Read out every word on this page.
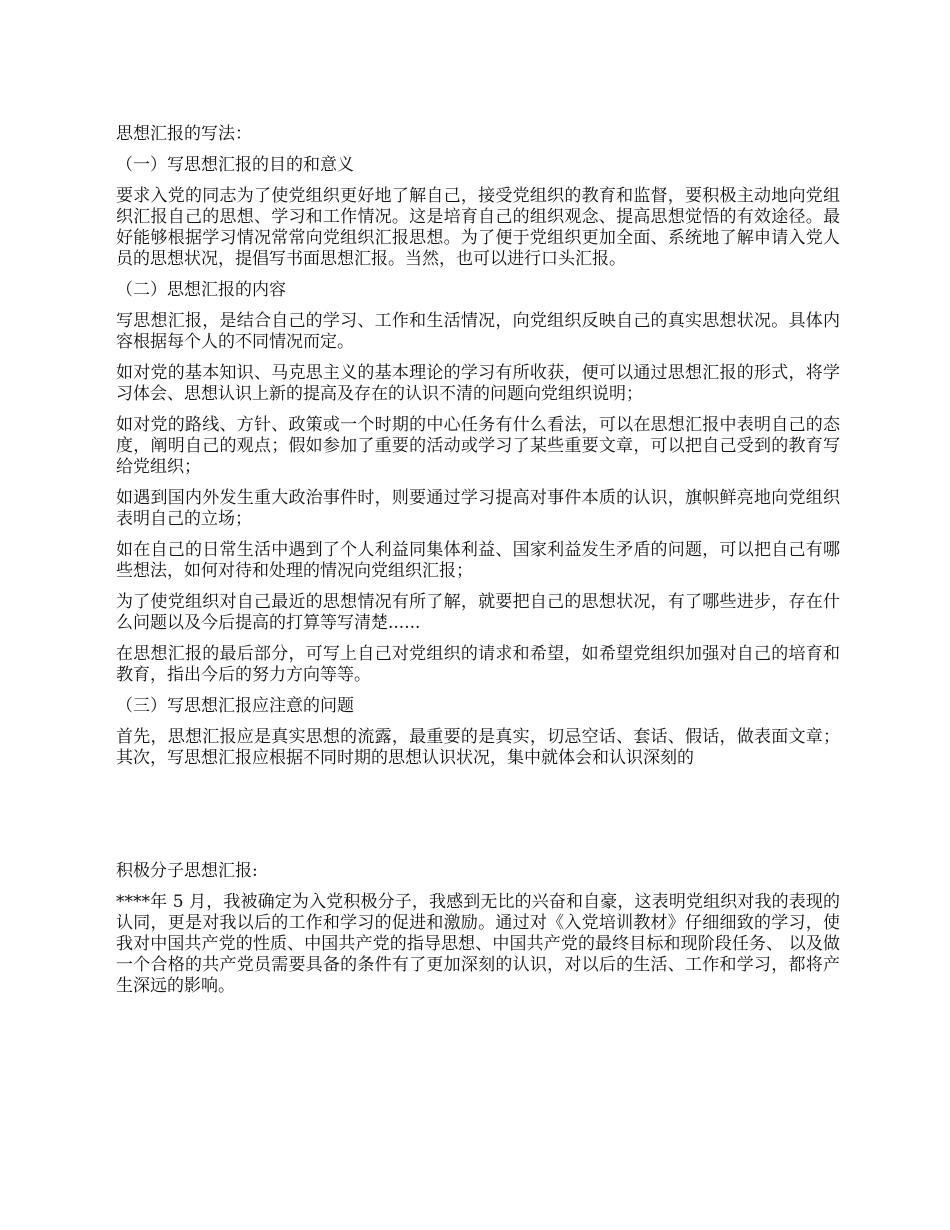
思想汇报的写法：
（一）写思想汇报的目的和意义

要求入党的同志为了使党组织更好地了解自己，接受党组织的教育和监督，要积极主动地向党组织汇报自己的思想、学习和工作情况。这是培育自己的组织观念、提高思想觉悟的有效途径。最好能够根据学习情况常常向党组织汇报思想。为了便于党组织更加全面、系统地了解申请入党人员的思想状况，提倡写书面思想汇报。当然，也可以进行口头汇报。

（二）思想汇报的内容

写思想汇报，是结合自己的学习、工作和生活情况，向党组织反映自己的真实思想状况。具体内容根据每个人的不同情况而定。

如对党的基本知识、马克思主义的基本理论的学习有所收获，便可以通过思想汇报的形式，将学习体会、思想认识上新的提高及存在的认识不清的问题向党组织说明；

如对党的路线、方针、政策或一个时期的中心任务有什么看法，可以在思想汇报中表明自己的态度，阐明自己的观点；假如参加了重要的活动或学习了某些重要文章，可以把自己受到的教育写给党组织；

如遇到国内外发生重大政治事件时，则要通过学习提高对事件本质的认识，旗帜鲜亮地向党组织表明自己的立场；

如在自己的日常生活中遇到了个人利益同集体利益、国家利益发生矛盾的问题，可以把自己有哪些想法，如何对待和处理的情况向党组织汇报；

为了使党组织对自己最近的思想情况有所了解，就要把自己的思想状况，有了哪些进步，存在什么问题以及今后提高的打算等写清楚......

在思想汇报的最后部分，可写上自己对党组织的请求和希望，如希望党组织加强对自己的培育和教育，指出今后的努力方向等等。

（三）写思想汇报应注意的问题

首先，思想汇报应是真实思想的流露，最重要的是真实，切忌空话、套话、假话，做表面文章；其次，写思想汇报应根据不同时期的思想认识状况，集中就体会和认识深刻的

积极分子思想汇报:

****年 5 月，我被确定为入党积极分子，我感到无比的兴奋和自豪，这表明党组织对我的表现的认同，更是对我以后的工作和学习的促进和激励。通过对《入党培训教材》仔细细致的学习，使我对中国共产党的性质、中国共产党的指导思想、中国共产党的最终目标和现阶段任务、 以及做一个合格的共产党员需要具备的条件有了更加深刻的认识，对以后的生活、工作和学习，都将产生深远的影响。
